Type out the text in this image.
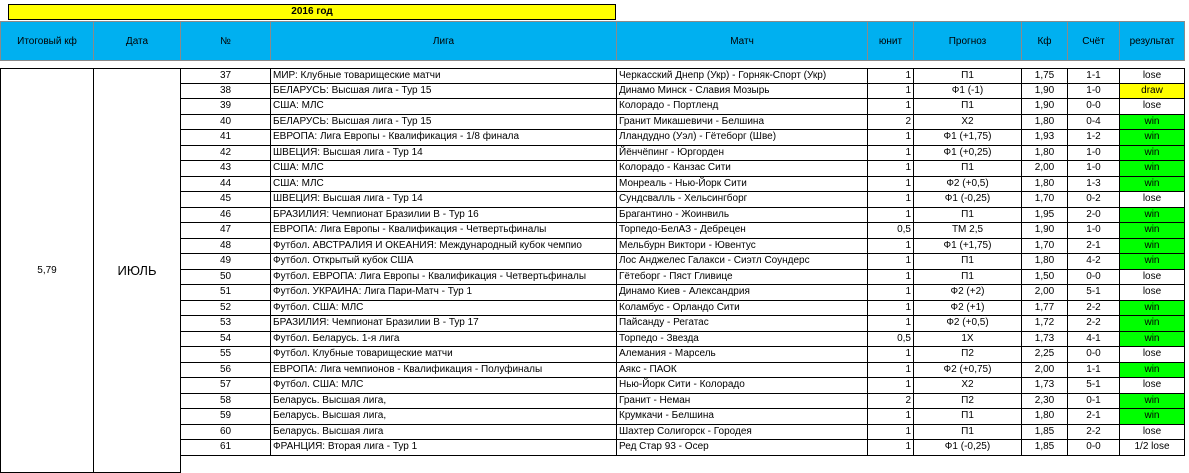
2016 год
Итоговый кф	Дата	№	Лига	Матч	юнит	Прогноз	Кф	Счёт	результат
5,79	ИЮЛЬ
37	МИР: Клубные товарищеские матчи	Черкасский Днепр (Укр) - Горняк-Спорт (Укр)	1	П1	1,75	1-1	lose
38	БЕЛАРУСЬ: Высшая лига - Тур 15	Динамо Минск - Славия Мозырь	1	Ф1 (-1)	1,90	1-0	draw
39	США: МЛС	Колорадо - Портленд	1	П1	1,90	0-0	lose
40	БЕЛАРУСЬ: Высшая лига - Тур 15	Гранит Микашевичи - Белшина	2	Х2	1,80	0-4	win
41	ЕВРОПА: Лига Европы - Квалификация - 1/8 финала	Лландудно (Уэл) - Гётеборг (Шве)	1	Ф1 (+1,75)	1,93	1-2	win
42	ШВЕЦИЯ: Высшая лига - Тур 14	Йёнчёпинг - Юргорден	1	Ф1 (+0,25)	1,80	1-0	win
43	США: МЛС	Колорадо - Канзас Сити	1	П1	2,00	1-0	win
44	США: МЛС	Монреаль - Нью-Йорк Сити	1	Ф2 (+0,5)	1,80	1-3	win
45	ШВЕЦИЯ: Высшая лига - Тур 14	Сундсвалль - Хельсингборг	1	Ф1 (-0,25)	1,70	0-2	lose
46	БРАЗИЛИЯ: Чемпионат Бразилии В - Тур 16	Брагантино - Жоинвиль	1	П1	1,95	2-0	win
47	ЕВРОПА: Лига Европы - Квалификация - Четвертьфиналы	Торпедо-БелАЗ - Дебрецен	0,5	ТМ 2,5	1,90	1-0	win
48	Футбол. АВСТРАЛИЯ И ОКЕАНИЯ: Международный кубок чемпио	Мельбурн Виктори - Ювентус	1	Ф1 (+1,75)	1,70	2-1	win
49	Футбол. Открытый кубок США	Лос Анджелес Галакси - Сиэтл Соундерс	1	П1	1,80	4-2	win
50	Футбол. ЕВРОПА: Лига Европы - Квалификация - Четвертьфиналы	Гётеборг - Пяст Гливице	1	П1	1,50	0-0	lose
51	Футбол. УКРАИНА: Лига Пари-Матч - Тур 1	Динамо Киев - Александрия	1	Ф2 (+2)	2,00	5-1	lose
52	Футбол. США: МЛС	Коламбус - Орландо Сити	1	Ф2 (+1)	1,77	2-2	win
53	БРАЗИЛИЯ: Чемпионат Бразилии В - Тур 17	Пайсанду - Регатас	1	Ф2 (+0,5)	1,72	2-2	win
54	Футбол. Беларусь. 1-я лига	Торпедо - Звезда	0,5	1Х	1,73	4-1	win
55	Футбол. Клубные товарищеские матчи	Алемания - Марсель	1	П2	2,25	0-0	lose
56	ЕВРОПА: Лига чемпионов - Квалификация - Полуфиналы	Аякс - ПАОК	1	Ф2 (+0,75)	2,00	1-1	win
57	Футбол. США: МЛС	Нью-Йорк Сити - Колорадо	1	Х2	1,73	5-1	lose
58	Беларусь. Высшая лига,	Гранит - Неман	2	П2	2,30	0-1	win
59	Беларусь. Высшая лига,	Крумкачи - Белшина	1	П1	1,80	2-1	win
60	Беларусь. Высшая лига	Шахтер Солигорск - Городея	1	П1	1,85	2-2	lose
61	ФРАНЦИЯ: Вторая лига - Тур 1	Ред Стар 93 - Осер	1	Ф1 (-0,25)	1,85	0-0	1/2 lose
